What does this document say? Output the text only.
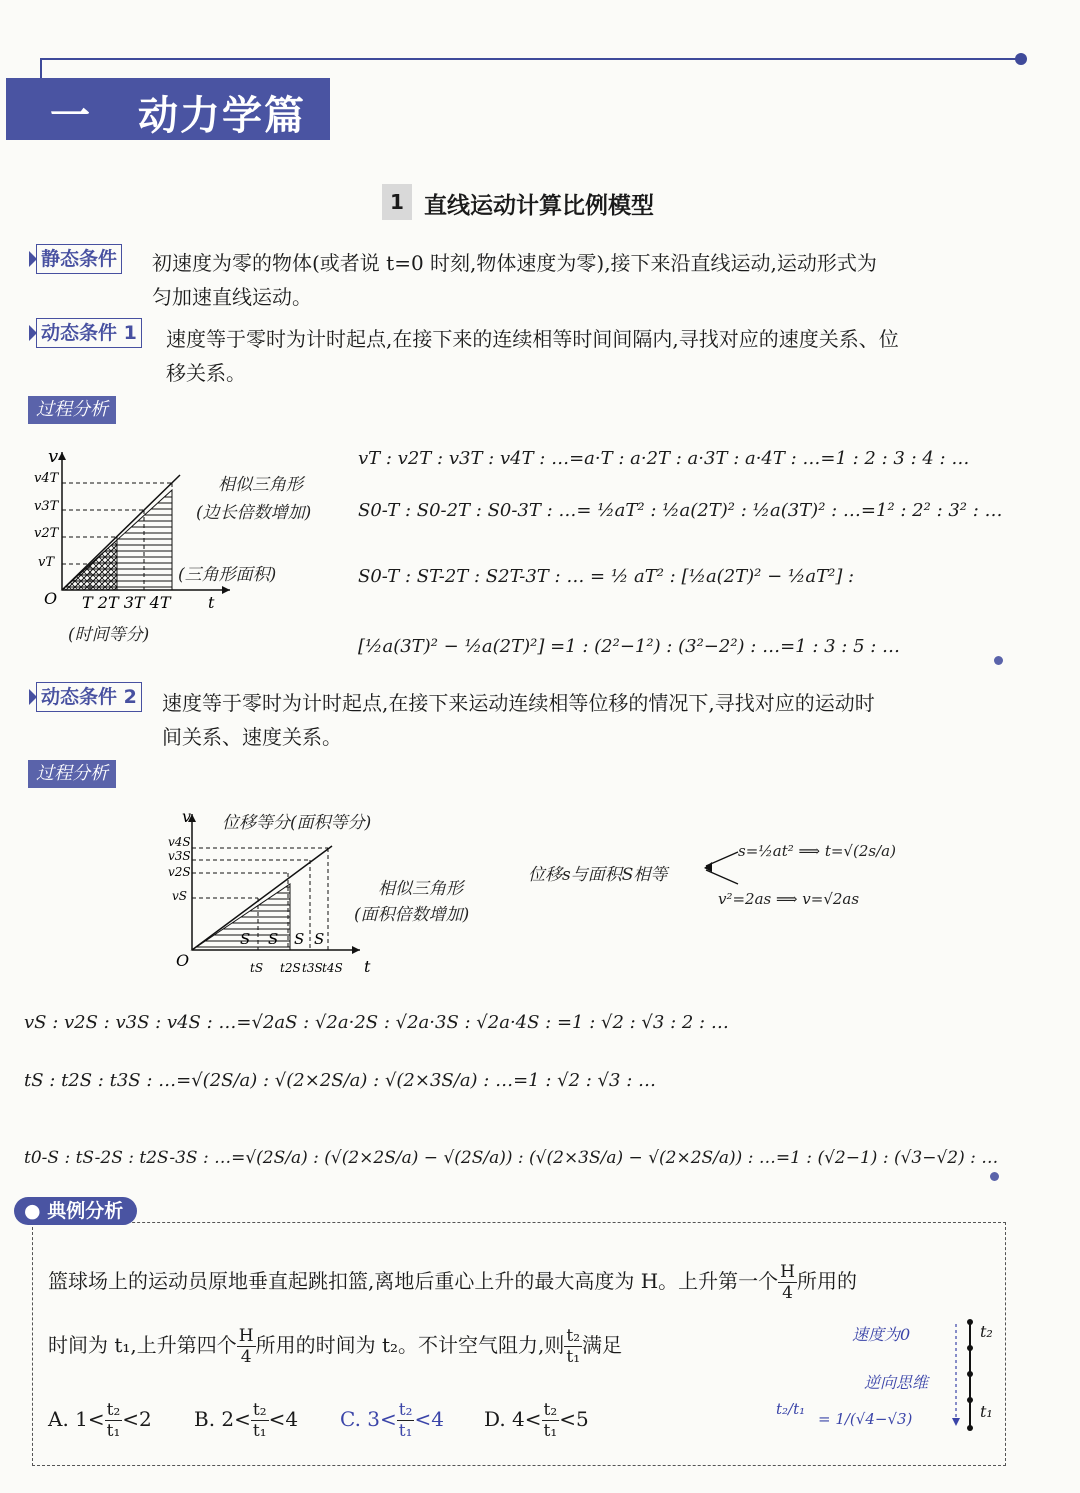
一 动力学篇
1 直线运动计算比例模型
静态条件 初速度为零的物体(或者说 t=0 时刻,物体速度为零),接下来沿直线运动,运动形式为
匀加速直线运动。
动态条件 1 速度等于零时为计时起点,在接下来的连续相等时间间隔内,寻找对应的速度关系、位
移关系。
过程分析
v
v4T
v3T
v2T
vT
O T 2T 3T 4T t
相似三角形
(边长倍数增加)
(三角形面积)
(时间等分)
vT : v2T : v3T : v4T : …=a·T : a·2T : a·3T : a·4T : …=1 : 2 : 3 : 4 : …
S0-T : S0-2T : S0-3T : …= ½aT² : ½a(2T)² : ½a(3T)² : …=1² : 2² : 3² : …
S0-T : ST-2T : S2T-3T : … = ½ aT² : [½a(2T)² − ½aT²] :
[½a(3T)² − ½a(2T)²] =1 : (2²−1²) : (3²−2²) : …=1 : 3 : 5 : …
动态条件 2 速度等于零时为计时起点,在接下来运动连续相等位移的情况下,寻找对应的运动时
间关系、速度关系。
过程分析
v
v4S
v3S
v2S
vS
S S S S
O	tS t2S t3S t4S t
位移等分(面积等分)
相似三角形
(面积倍数增加)
位移s与面积S相等
s=½at² ⟹ t=√(2s/a)
v²=2as ⟹ v=√2as
vS : v2S : v3S : v4S : …=√2aS : √2a·2S : √2a·3S : √2a·4S : =1 : √2 : √3 : 2 : …
tS : t2S : t3S : …=√(2S/a) : √(2×2S/a) : √(2×3S/a) : …=1 : √2 : √3 : …
t0-S : tS-2S : t2S-3S : …=√(2S/a) : (√(2×2S/a) − √(2S/a)) : (√(2×3S/a) − √(2×2S/a)) : …=1 : (√2−1) : (√3−√2) : …
● 典例分析
篮球场上的运动员原地垂直起跳扣篮,离地后重心上升的最大高度为 H。上升第一个 $\frac{H}{4}$ 所用的
时间为 t₁,上升第四个 $\frac{H}{4}$ 所用的时间为 t₂。不计空气阻力,则 $\frac{\text{t₂}}{\text{t₁}}$ 满足
A. $1< \frac{\text{t₂}}{\text{t₁}} <2$ B. $2< \frac{\text{t₂}}{\text{t₁}} <4$ C. $3< \frac{\text{t₂}}{\text{t₁}} <4$ D. $4< \frac{\text{t₂}}{\text{t₁}} <5$
速度为0
逆向思维
t₂/t₁
= 1/(√4−√3)
t₂
t₁
